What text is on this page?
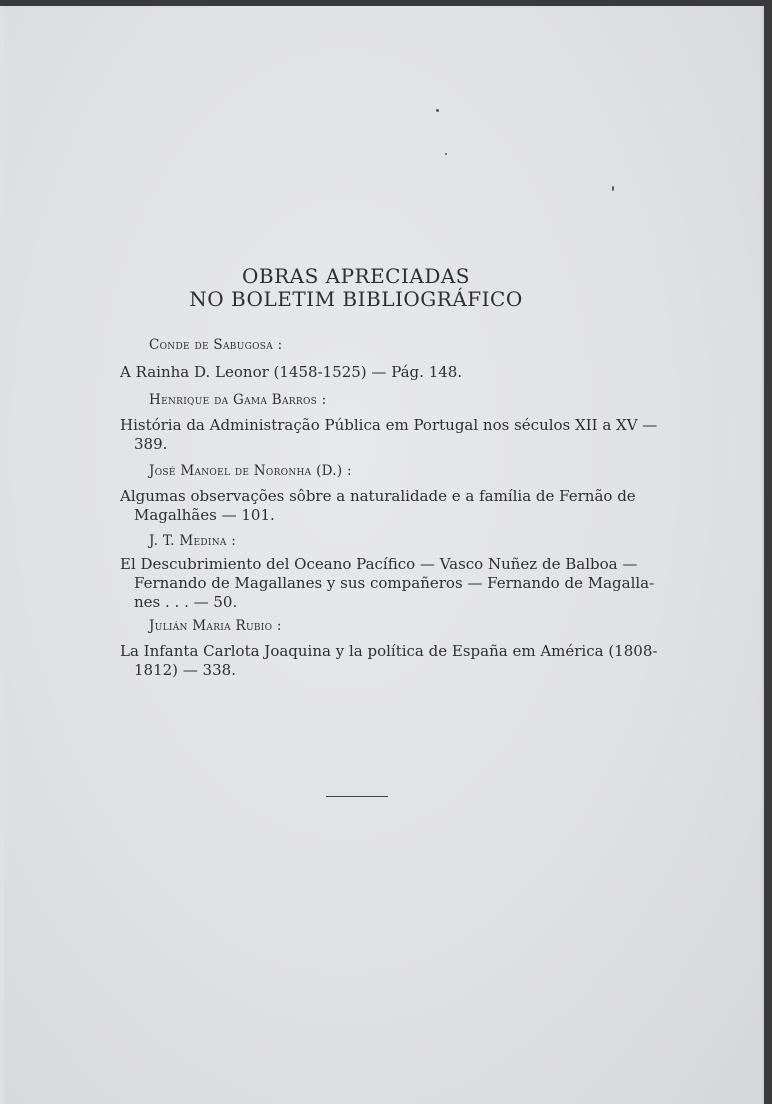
OBRAS APRECIADAS
NO BOLETIM BIBLIOGRÁFICO
Conde de Sabugosa :
A Rainha D. Leonor (1458-1525) — Pág. 148.
Henrique da Gama Barros :
História da Administração Pública em Portugal nos séculos XII a XV —
389.
José Manoel de Noronha (D.) :
Algumas observações sôbre a naturalidade e a família de Fernão de
Magalhães — 101.
J. T. Medina :
El Descubrimiento del Oceano Pacífico — Vasco Nuñez de Balboa —
Fernando de Magallanes y sus compañeros — Fernando de Magalla-
nes . . . — 50.
Julián Maria Rubio :
La Infanta Carlota Joaquina y la política de España em América (1808-
1812) — 338.
